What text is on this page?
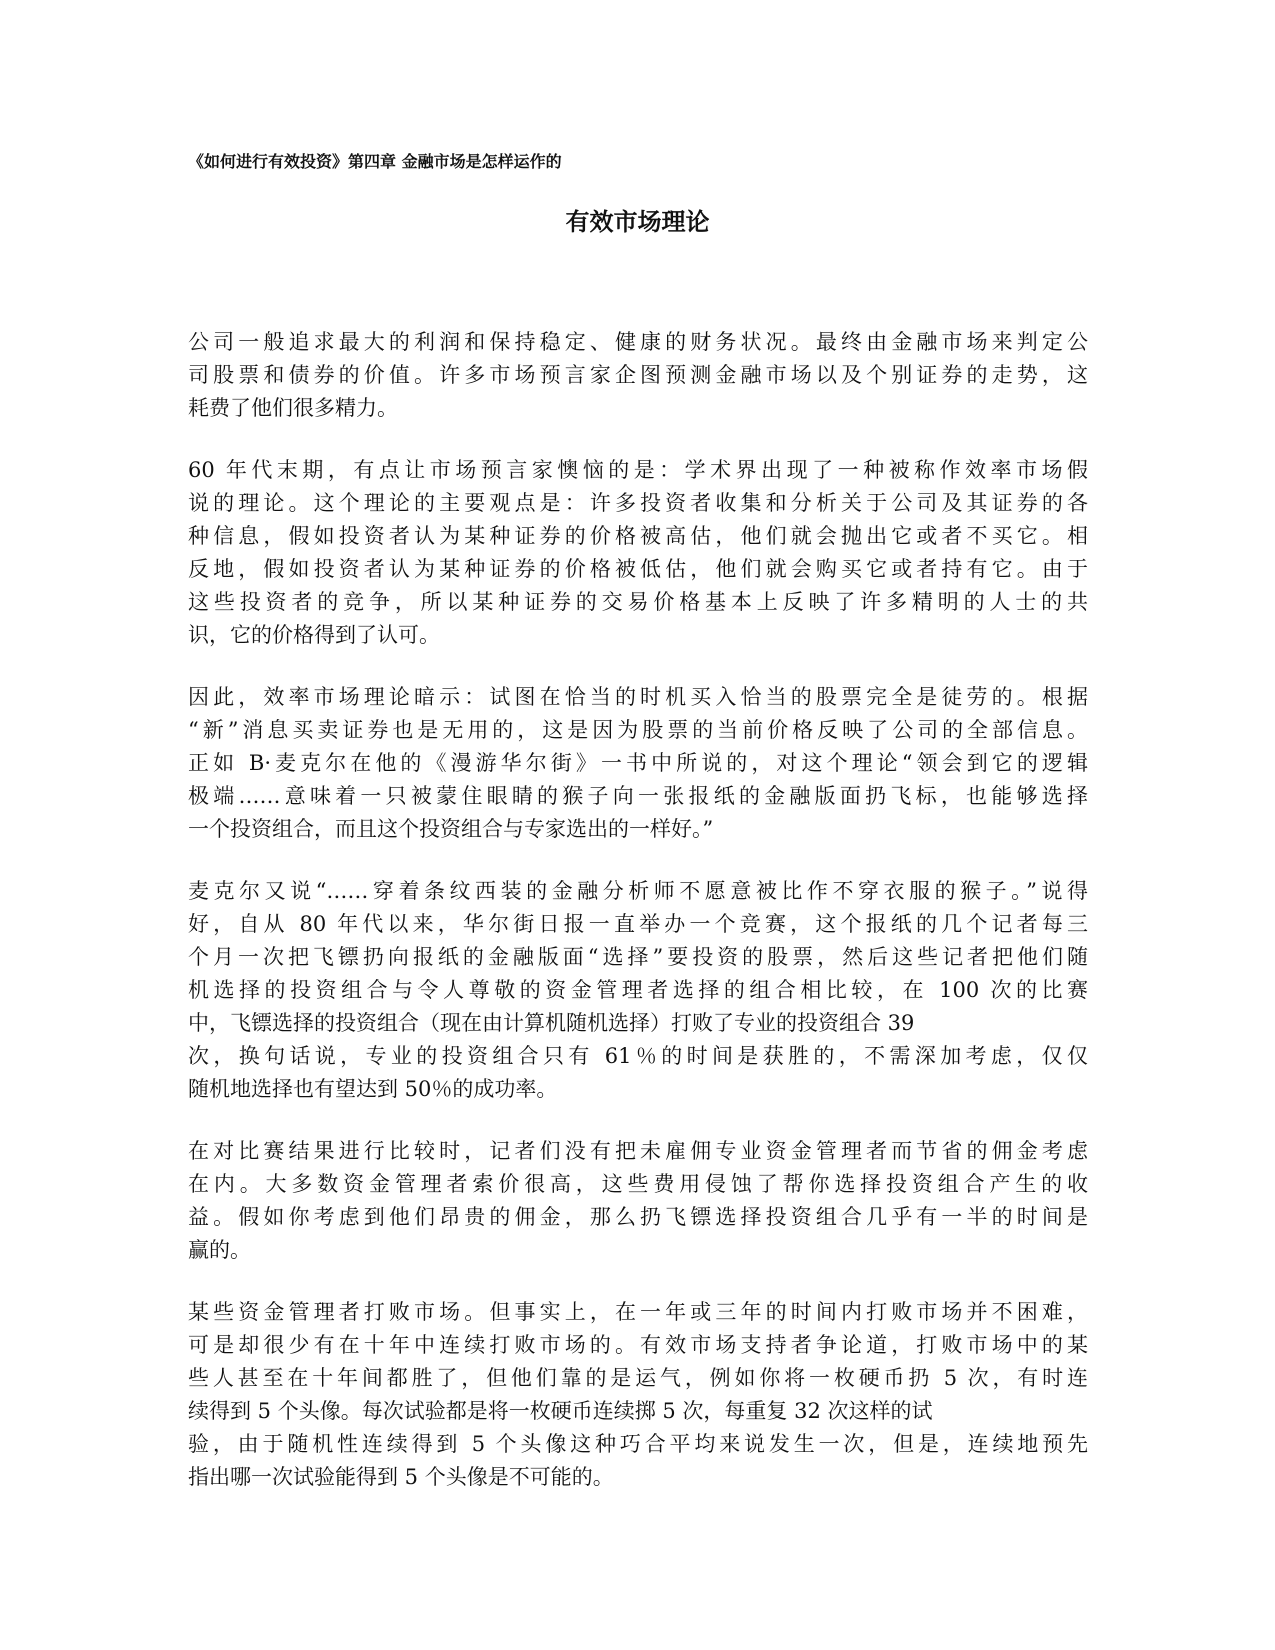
《如何进行有效投资》第四章 金融市场是怎样运作的
有效市场理论
公司一般追求最大的利润和保持稳定、健康的财务状况。最终由金融市场来判定公
司股票和债券的价值。许多市场预言家企图预测金融市场以及个别证券的走势，这
耗费了他们很多精力。
60 年代末期，有点让市场预言家懊恼的是：学术界出现了一种被称作效率市场假
说的理论。这个理论的主要观点是：许多投资者收集和分析关于公司及其证券的各
种信息，假如投资者认为某种证券的价格被高估，他们就会抛出它或者不买它。相
反地，假如投资者认为某种证券的价格被低估，他们就会购买它或者持有它。由于
这些投资者的竞争，所以某种证券的交易价格基本上反映了许多精明的人士的共
识，它的价格得到了认可。
因此，效率市场理论暗示：试图在恰当的时机买入恰当的股票完全是徒劳的。根据
“新”消息买卖证券也是无用的，这是因为股票的当前价格反映了公司的全部信息。
正如 B·麦克尔在他的《漫游华尔街》一书中所说的，对这个理论“领会到它的逻辑
极端……意味着一只被蒙住眼睛的猴子向一张报纸的金融版面扔飞标，也能够选择
一个投资组合，而且这个投资组合与专家选出的一样好。”
麦克尔又说“……穿着条纹西装的金融分析师不愿意被比作不穿衣服的猴子。”说得
好，自从 80 年代以来，华尔街日报一直举办一个竞赛，这个报纸的几个记者每三
个月一次把飞镖扔向报纸的金融版面“选择”要投资的股票，然后这些记者把他们随
机选择的投资组合与令人尊敬的资金管理者选择的组合相比较，在 100 次的比赛
中，飞镖选择的投资组合（现在由计算机随机选择）打败了专业的投资组合 39
次，换句话说，专业的投资组合只有 61％的时间是获胜的，不需深加考虑，仅仅
随机地选择也有望达到 50％的成功率。
在对比赛结果进行比较时，记者们没有把未雇佣专业资金管理者而节省的佣金考虑
在内。大多数资金管理者索价很高，这些费用侵蚀了帮你选择投资组合产生的收
益。假如你考虑到他们昂贵的佣金，那么扔飞镖选择投资组合几乎有一半的时间是
赢的。
某些资金管理者打败市场。但事实上，在一年或三年的时间内打败市场并不困难，
可是却很少有在十年中连续打败市场的。有效市场支持者争论道，打败市场中的某
些人甚至在十年间都胜了，但他们靠的是运气，例如你将一枚硬币扔 5 次，有时连
续得到 5 个头像。每次试验都是将一枚硬币连续掷 5 次，每重复 32 次这样的试
验，由于随机性连续得到 5 个头像这种巧合平均来说发生一次，但是，连续地预先
指出哪一次试验能得到 5 个头像是不可能的。
